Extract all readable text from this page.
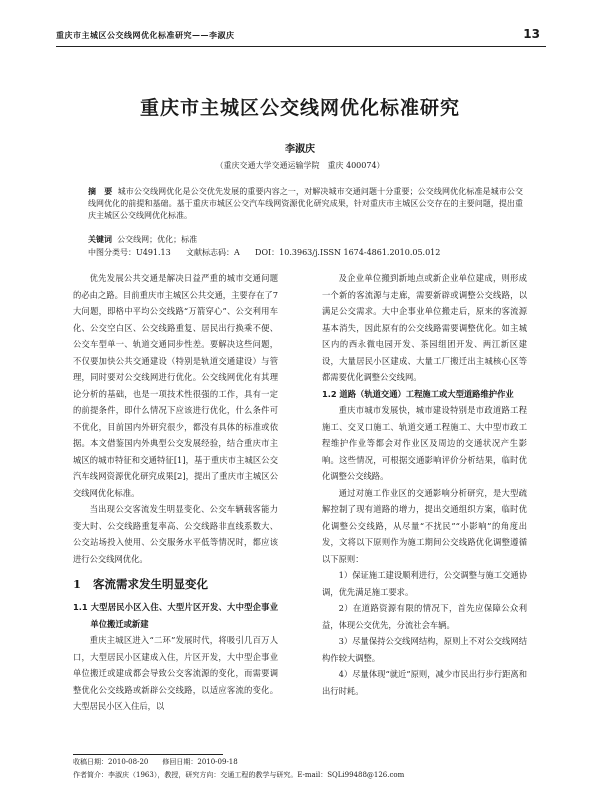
重庆市主城区公交线网优化标准研究——李淑庆	13
重庆市主城区公交线网优化标准研究
李淑庆
（重庆交通大学交通运输学院　重庆 400074）
摘　要 城市公交线网优化是公交优先发展的重要内容之一，对解决城市交通问题十分重要；公交线网优化标准是城市公交线网优化的前提和基础。基于重庆市城区公交汽车线网资源优化研究成果，针对重庆市主城区公交存在的主要问题，提出重庆主城区公交线网优化标准。
关键词 公交线网；优化；标准
中图分类号：U491.13 文献标志码：A DOI：10.3963/j.ISSN 1674-4861.2010.05.012

优先发展公共交通是解决日益严重的城市交通问题的必由之路。目前重庆市主城区公共交通，主要存在了7大问题，即格中平均公交线路“万箭穿心”、公交利用车化、公交空白区、公交线路重复、居民出行换乘不便、公交车型单一、轨道交通同步性差。要解决这些问题，不仅要加快公共交通建设（特别是轨道交通建设）与管理，同时要对公交线网进行优化。公交线网优化有其理论分析的基础，也是一项技术性很强的工作，具有一定的前提条件，即什么情况下应该进行优化，什么条件可不优化，目前国内外研究很少，都没有具体的标准或依据。本文借鉴国内外典型公交发展经验，结合重庆市主城区的城市特征和交通特征[1]，基于重庆市主城区公交汽车线网资源优化研究成果[2]，提出了重庆市主城区公交线网优化标准。

当出现公交客流发生明显变化、公交车辆载客能力变大时、公交线路重复率高、公交线路非直线系数大、公交站场投入使用、公交服务水平低等情况时，都应该进行公交线网优化。

1 客流需求发生明显变化

1.1 大型居民小区入住、大型片区开发、大中型企事业单位搬迁或新建

重庆主城区进入“二环”发展时代，将吸引几百万人口，大型居民小区建成入住，片区开发，大中型企事业单位搬迁或建成都会导致公交客流源的变化，而需要调整优化公交线路或新辟公交线路，以适应客流的变化。大型居民小区入住后，以

及企业单位搬到新地点或新企业单位建成，则形成一个新的客流源与走廊，需要新辟或调整公交线路，以满足公交需求。大中企事业单位搬走后，原来的客流源基本消失，因此原有的公交线路需要调整优化。如主城区内的西永微电园开发、茶园组团开发、两江新区建设，大量居民小区建成、大量工厂搬迁出主城核心区等都需要优化调整公交线网。

1.2 道路（轨道交通）工程施工或大型道路维护作业

重庆市城市发展快，城市建设特别是市政道路工程施工、交叉口施工、轨道交通工程施工、大中型市政工程维护作业等都会对作业区及周边的交通状况产生影响。这些情况，可根据交通影响评价分析结果，临时优化调整公交线路。

通过对施工作业区的交通影响分析研究，是大型疏解控制了现有道路的增力，提出交通组织方案，临时优化调整公交线路，从尽量“不扰民”“小影响”的角度出发，文将以下原则作为施工期间公交线路优化调整遵循以下原则：

1）保证施工建设顺利进行，公交调整与施工交通协调，优先满足施工要求。

2）在道路资源有限的情况下，首先应保障公众利益，体现公交优先，分流社会车辆。

3）尽量保持公交线网结构，原则上不对公交线网结构作较大调整。

4）尽量体现“就近”原则，减少市民出行步行距离和出行时耗。

收稿日期：2010-08-20　　修回日期：2010-09-18
作者简介：李淑庆（1963），教授，研究方向：交通工程的教学与研究。E-mail：SQLi99488@126.com
